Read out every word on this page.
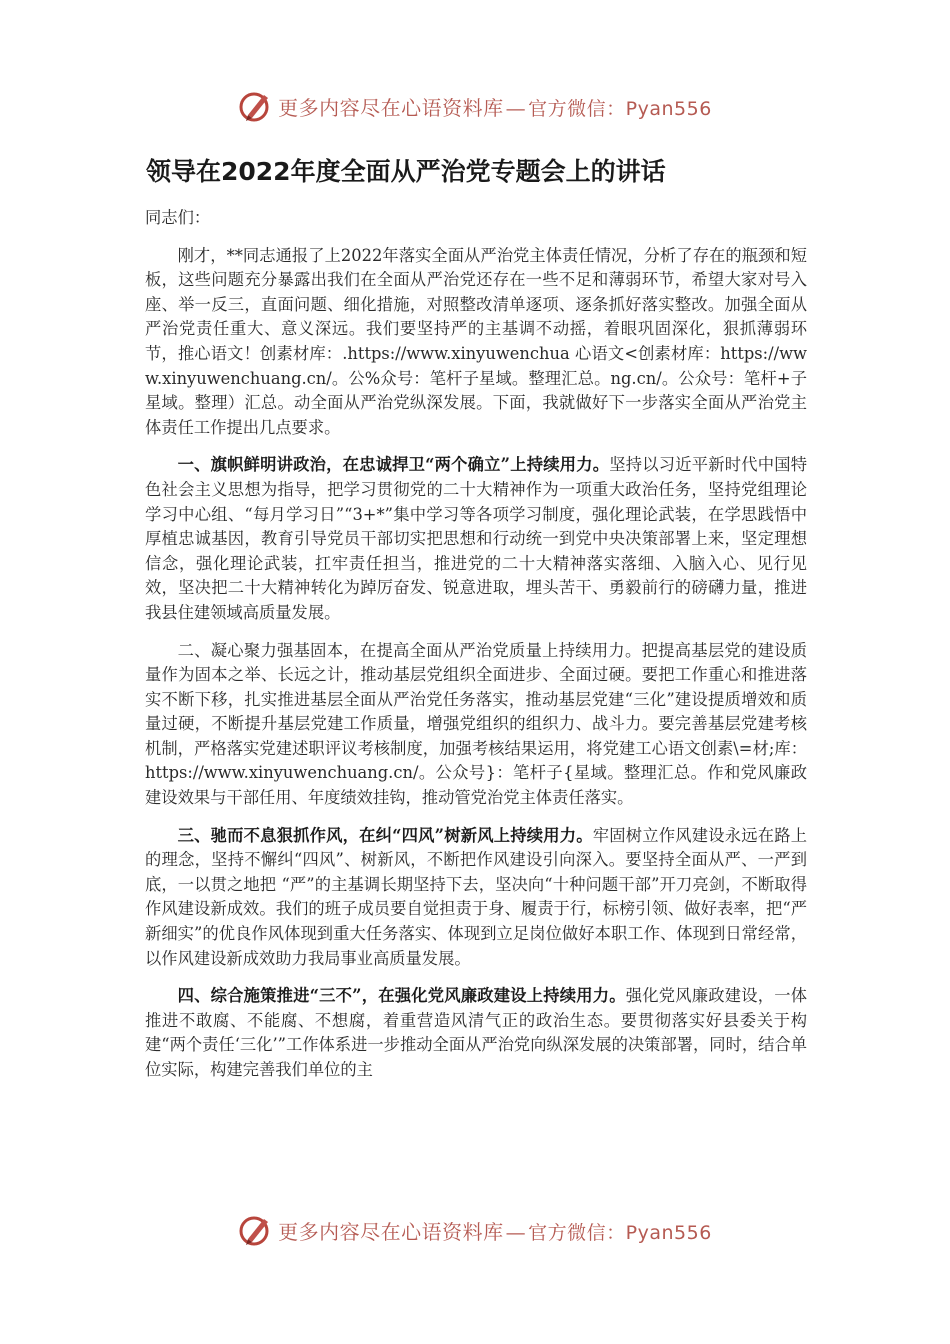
更多内容尽在心语资料库 — 官方微信：Pyan556
领导在2022年度全面从严治党专题会上的讲话

同志们：

刚才，**同志通报了上2022年落实全面从严治党主体责任情况，分析了存在的瓶颈和短板，这些问题充分暴露出我们在全面从严治党还存在一些不足和薄弱环节，希望大家对号入座、举一反三，直面问题、细化措施，对照整改清单逐项、逐条抓好落实整改。加强全面从严治党责任重大、意义深远。我们要坚持严的主基调不动摇，着眼巩固深化，狠抓薄弱环节，推心语文！创素材库：.https://www.xinyuwenchua 心语文<创素材库：https://www.xinyuwenchuang.cn/。公%众号：笔杆子星域。整理汇总。ng.cn/。公众号：笔杆+子星域。整理）汇总。动全面从严治党纵深发展。下面，我就做好下一步落实全面从严治党主体责任工作提出几点要求。

一、旗帜鲜明讲政治，在忠诚捍卫“两个确立”上持续用力。坚持以习近平新时代中国特色社会主义思想为指导，把学习贯彻党的二十大精神作为一项重大政治任务，坚持党组理论学习中心组、“每月学习日”“3+*”集中学习等各项学习制度，强化理论武装，在学思践悟中厚植忠诚基因，教育引导党员干部切实把思想和行动统一到党中央决策部署上来，坚定理想信念，强化理论武装，扛牢责任担当，推进党的二十大精神落实落细、入脑入心、见行见效，坚决把二十大精神转化为踔厉奋发、锐意进取，埋头苦干、勇毅前行的磅礴力量，推进我县住建领域高质量发展。

二、凝心聚力强基固本，在提高全面从严治党质量上持续用力。把提高基层党的建设质量作为固本之举、长远之计，推动基层党组织全面进步、全面过硬。要把工作重心和推进落实不断下移，扎实推进基层全面从严治党任务落实，推动基层党建“三化”建设提质增效和质量过硬，不断提升基层党建工作质量，增强党组织的组织力、战斗力。要完善基层党建考核机制，严格落实党建述职评议考核制度，加强考核结果运用，将党建工心语文创素\=材;库：https://www.xinyuwenchuang.cn/。公众号}：笔杆子{星域。整理汇总。作和党风廉政建设效果与干部任用、年度绩效挂钩，推动管党治党主体责任落实。

三、驰而不息狠抓作风，在纠“四风”树新风上持续用力。牢固树立作风建设永远在路上的理念，坚持不懈纠“四风”、树新风，不断把作风建设引向深入。要坚持全面从严、一严到底，一以贯之地把 “严”的主基调长期坚持下去，坚决向“十种问题干部”开刀亮剑，不断取得作风建设新成效。我们的班子成员要自觉担责于身、履责于行，标榜引领、做好表率，把“严新细实”的优良作风体现到重大任务落实、体现到立足岗位做好本职工作、体现到日常经常，以作风建设新成效助力我局事业高质量发展。

四、综合施策推进“三不”，在强化党风廉政建设上持续用力。强化党风廉政建设，一体推进不敢腐、不能腐、不想腐，着重营造风清气正的政治生态。要贯彻落实好县委关于构建“两个责任‘三化’”工作体系进一步推动全面从严治党向纵深发展的决策部署，同时，结合单位实际，构建完善我们单位的主

更多内容尽在心语资料库 — 官方微信：Pyan556
